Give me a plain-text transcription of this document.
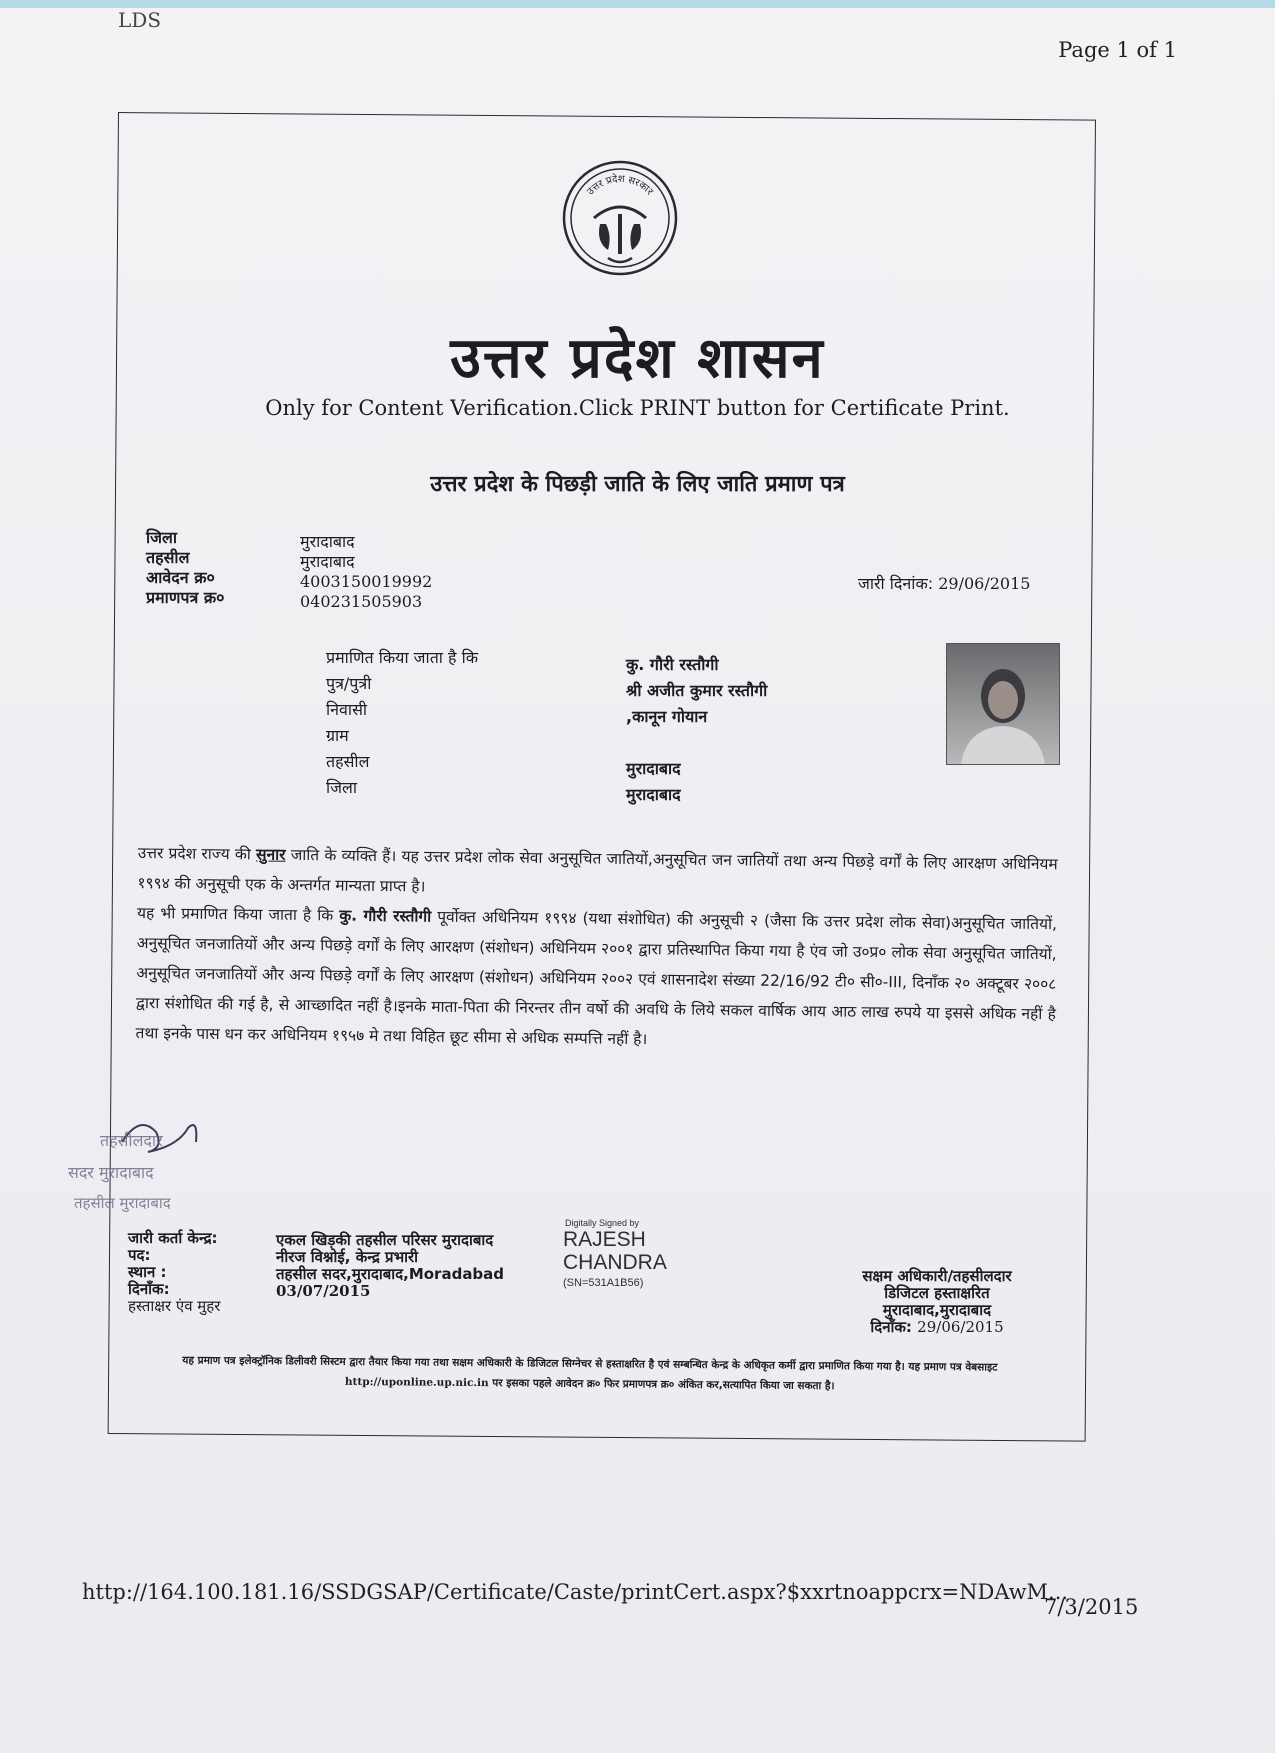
LDS
Page 1 of 1
उत्तर प्रदेश सरकार
उत्तर प्रदेश शासन
Only for Content Verification.Click PRINT button for Certificate Print.
उत्तर प्रदेश के पिछड़ी जाति के लिए जाति प्रमाण पत्र
जिला
तहसील
आवेदन क्र०
प्रमाणपत्र क्र०
मुरादाबाद
मुरादाबाद
4003150019992
040231505903
जारी दिनांक: 29/06/2015
प्रमाणित किया जाता है कि
पुत्र/पुत्री
निवासी
ग्राम
तहसील
जिला
कु. गौरी रस्तौगी
श्री अजीत कुमार रस्तौगी
,कानून गोयान
मुरादाबाद
मुरादाबाद

उत्तर प्रदेश राज्य की सुनार जाति के व्यक्ति हैं। यह उत्तर प्रदेश लोक सेवा अनुसूचित जातियों,अनुसूचित जन जातियों तथा अन्य पिछड़े वर्गों के लिए आरक्षण अधिनियम १९९४ की अनुसूची एक के अन्तर्गत मान्यता प्राप्त है।

यह भी प्रमाणित किया जाता है कि कु. गौरी रस्तौगी पूर्वोक्त अधिनियम १९९४ (यथा संशोधित) की अनुसूची २ (जैसा कि उत्तर प्रदेश लोक सेवा)अनुसूचित जातियों, अनुसूचित जनजातियों और अन्य पिछड़े वर्गों के लिए आरक्षण (संशोधन) अधिनियम २००१ द्वारा प्रतिस्थापित किया गया है एंव जो उ०प्र० लोक सेवा अनुसूचित जातियों, अनुसूचित जनजातियों और अन्य पिछड़े वर्गों के लिए आरक्षण (संशोधन) अधिनियम २००२ एवं शासनादेश संख्या 22/16/92 टी० सी०-III, दिनाँक २० अक्टूबर २००८ द्वारा संशोधित की गई है, से आच्छादित नहीं है।इनके माता-पिता की निरन्तर तीन वर्षो की अवधि के लिये सकल वार्षिक आय आठ लाख रुपये या इससे अधिक नहीं है तथा इनके पास धन कर अधिनियम १९५७ मे तथा विहित छूट सीमा से अधिक सम्पत्ति नहीं है।

तहसीलदार
सदर मुरादाबाद
तहसील मुरादाबाद
जारी कर्ता केन्द्र:
पद:
स्थान :
दिनाँक:
हस्ताक्षर एंव मुहर
एकल खिड़की तहसील परिसर मुरादाबाद
नीरज विश्नोई, केन्द्र प्रभारी
तहसील सदर,मुरादाबाद,Moradabad
03/07/2015
Digitally Signed by
RAJESH
CHANDRA
(SN=531A1B56)	सक्षम अधिकारी/तहसीलदार
डिजिटल हस्ताक्षरित
मुरादाबाद,मुरादाबाद
दिनाँक: 29/06/2015
यह प्रमाण पत्र इलेक्ट्रॉनिक डिलीवरी सिस्टम द्वारा तैयार किया गया तथा सक्षम अधिकारी के डिजिटल सिग्नेचर से हस्ताक्षरित है एवं सम्बन्धित केन्द्र के अधिकृत कर्मी द्वारा प्रमाणित किया गया है। यह प्रमाण पत्र वेबसाइट http://uponline.up.nic.in पर इसका पहले आवेदन क्र० फिर प्रमाणपत्र क्र० अंकित कर,सत्यापित किया जा सकता है।
http://164.100.181.16/SSDGSAP/Certificate/Caste/printCert.aspx?$xxrtnoappcrx=NDAwM...
7/3/2015
